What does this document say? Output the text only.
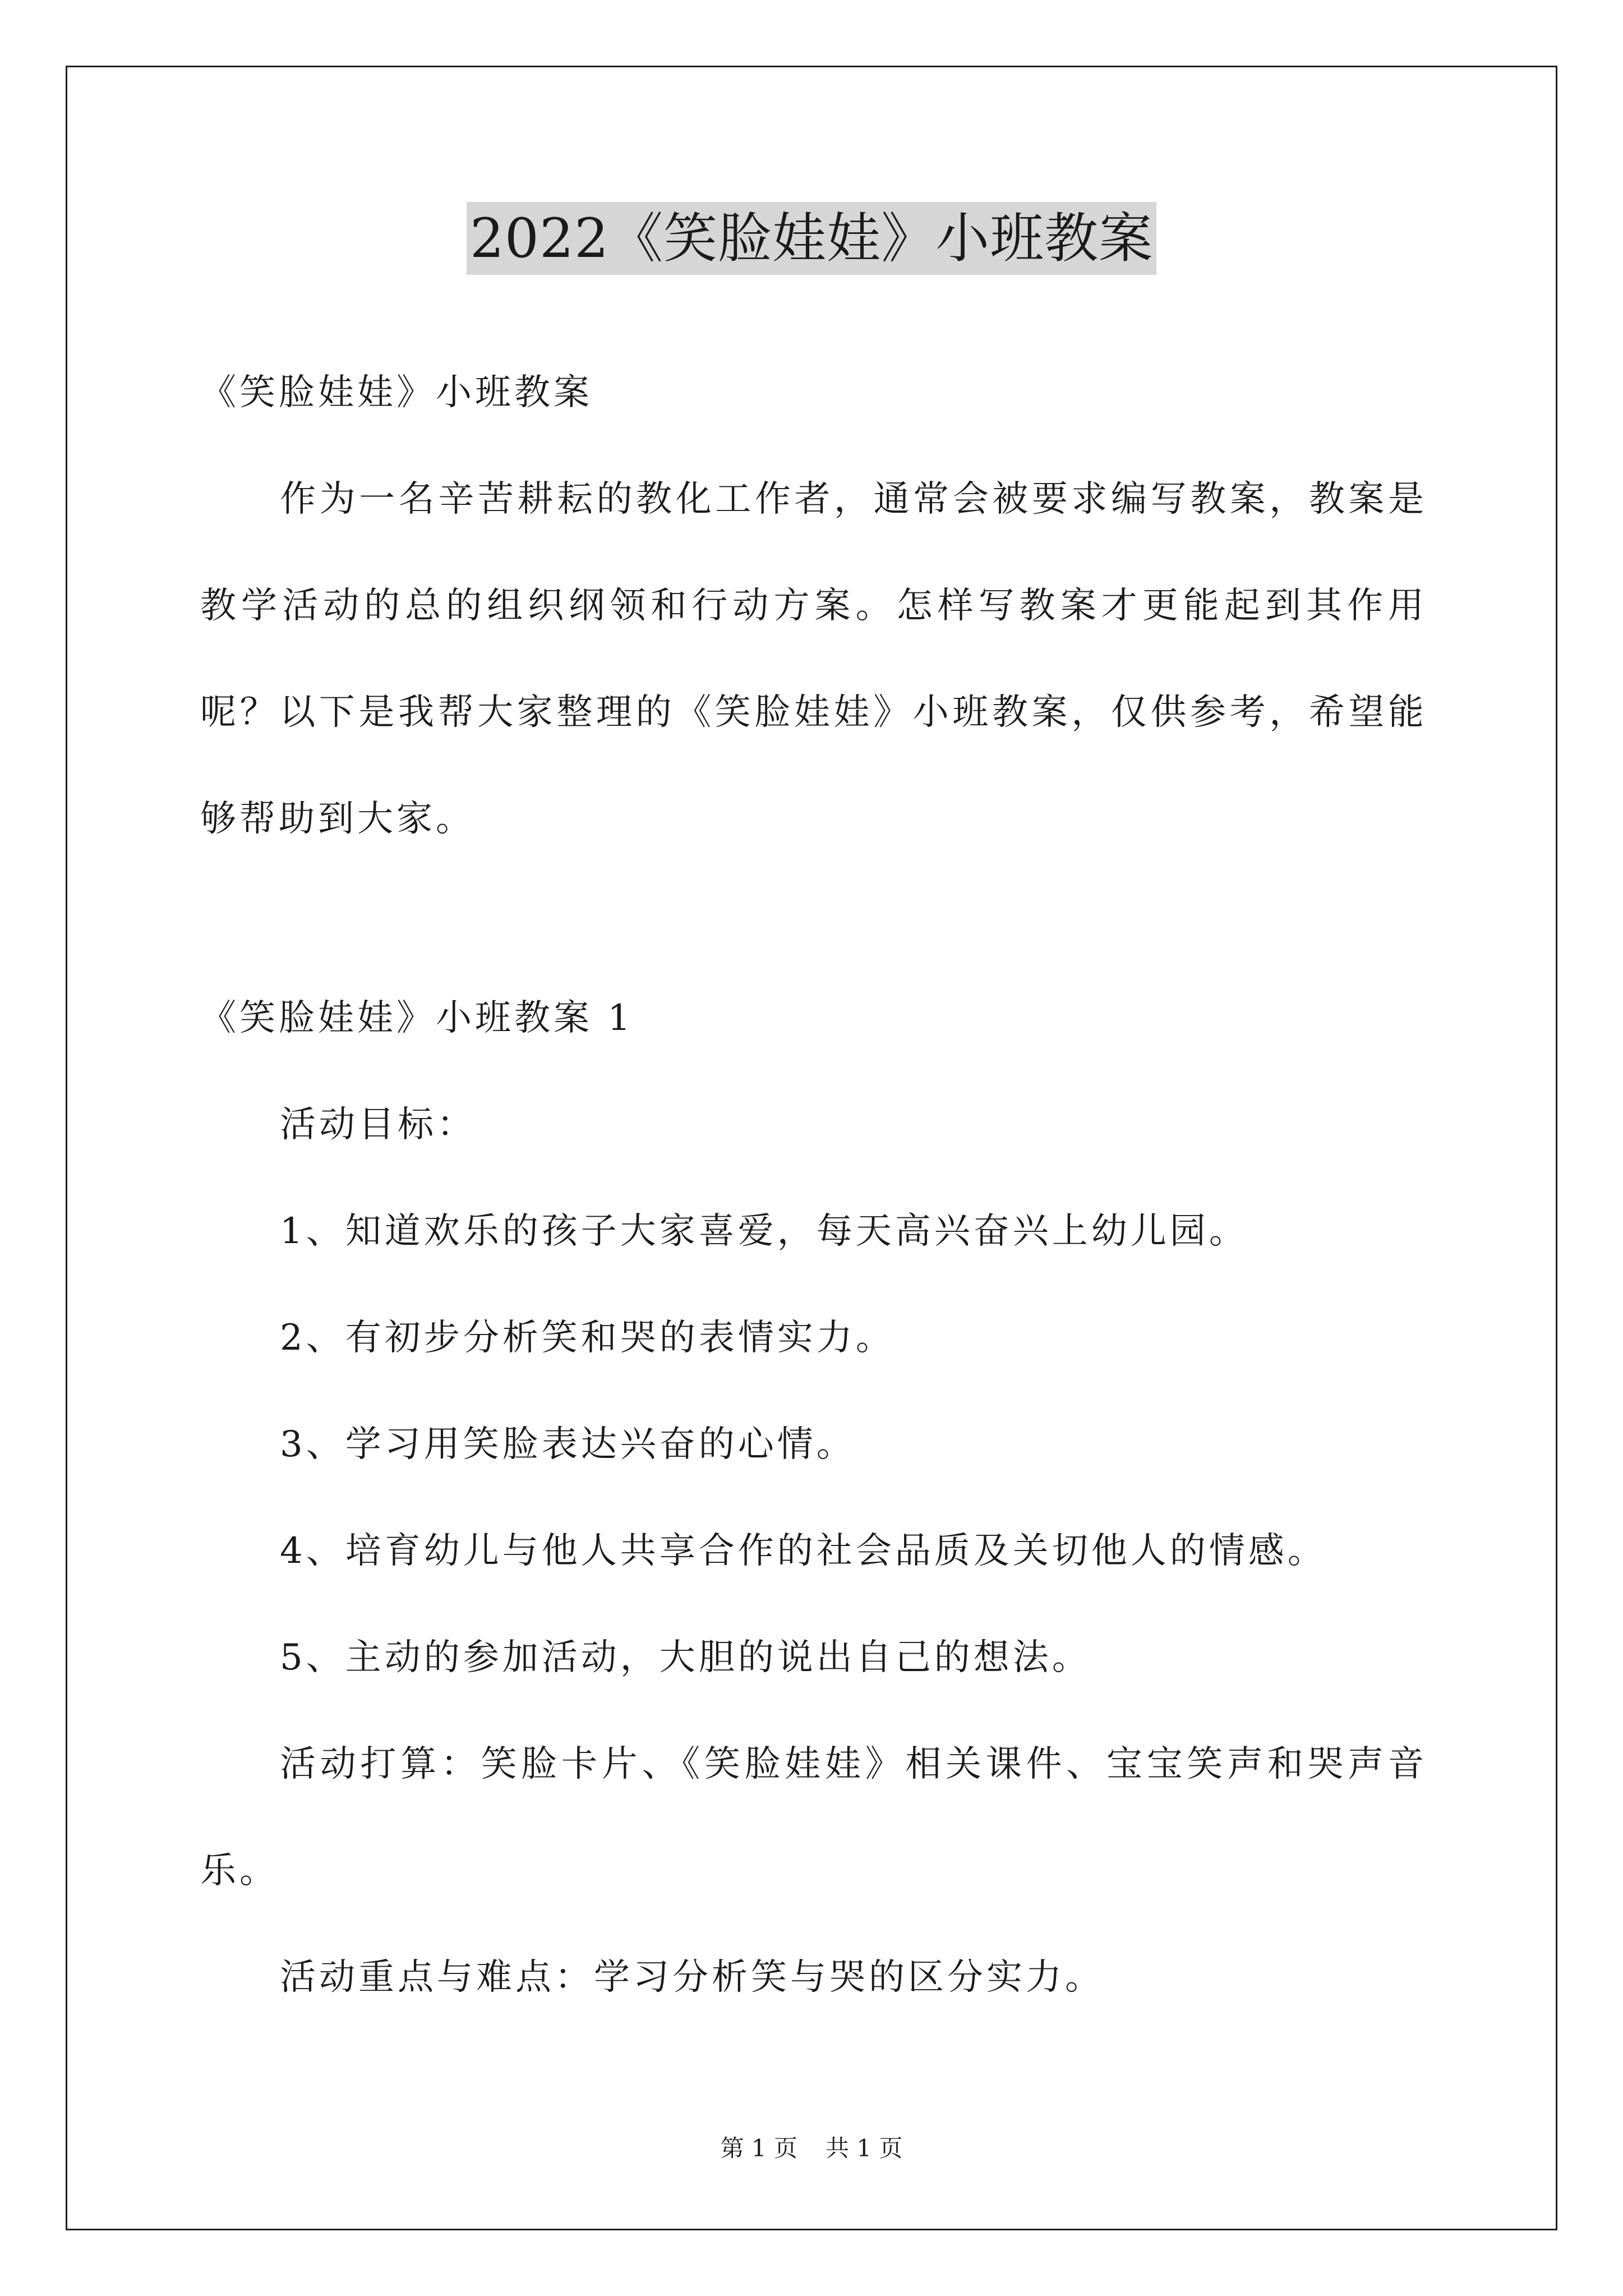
2022《笑脸娃娃》小班教案

《笑脸娃娃》小班教案

作为一名辛苦耕耘的教化工作者，通常会被要求编写教案，教案是教学活动的总的组织纲领和行动方案。怎样写教案才更能起到其作用呢？以下是我帮大家整理的《笑脸娃娃》小班教案，仅供参考，希望能够帮助到大家。

《笑脸娃娃》小班教案 1

活动目标：

1、知道欢乐的孩子大家喜爱，每天高兴奋兴上幼儿园。

2、有初步分析笑和哭的表情实力。

3、学习用笑脸表达兴奋的心情。

4、培育幼儿与他人共享合作的社会品质及关切他人的情感。

5、主动的参加活动，大胆的说出自己的想法。

活动打算：笑脸卡片、《笑脸娃娃》相关课件、宝宝笑声和哭声音乐。

活动重点与难点：学习分析笑与哭的区分实力。

第 1 页 共 1 页
